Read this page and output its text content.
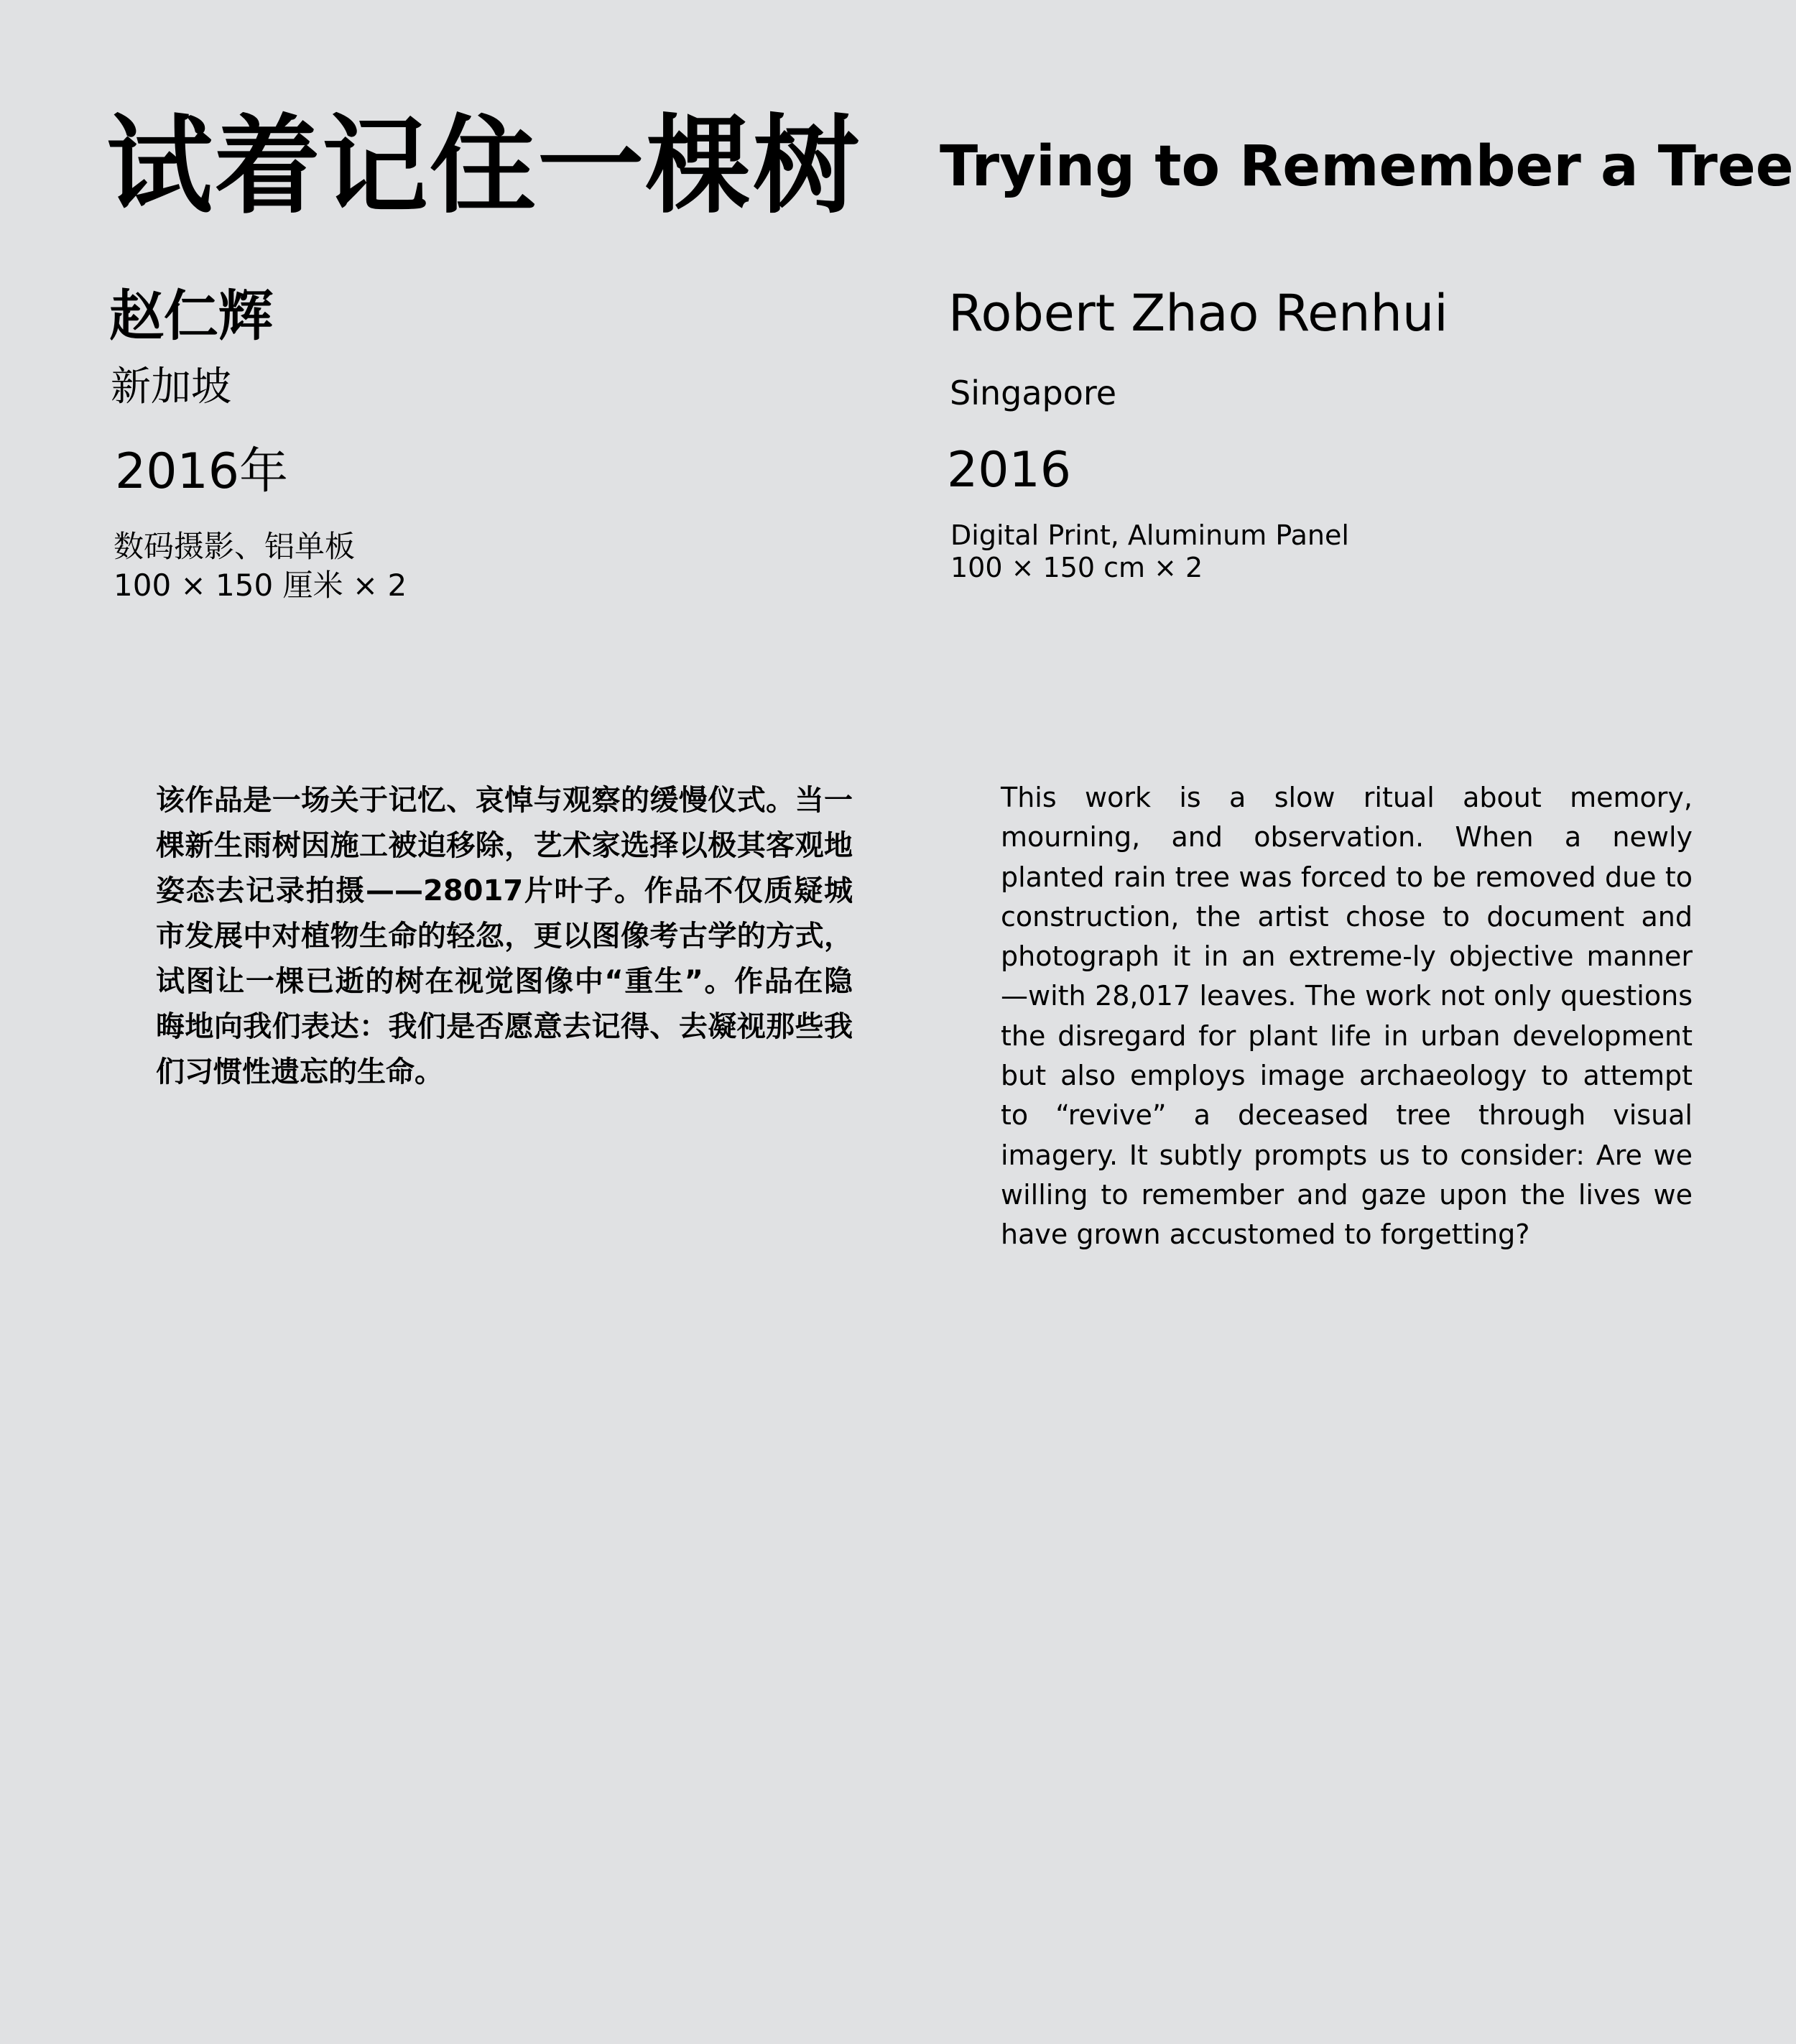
试着记住一棵树
赵仁辉
新加坡
2016年
数码摄影、铝单板
100 × 150 厘米 × 2

该作品是一场关于记忆、哀悼与观察的缓慢仪式。当一棵新生雨树因施工被迫移除，艺术家选择以极其客观地姿态去记录拍摄——28017片叶子。作品不仅质疑城市发展中对植物生命的轻忽，更以图像考古学的方式，试图让一棵已逝的树在视觉图像中“重生”。作品在隐晦地向我们表达：我们是否愿意去记得、去凝视那些我们习惯性遗忘的生命。

Trying to Remember a Tree
Robert Zhao Renhui
Singapore
2016
Digital Print, Aluminum Panel
100 × 150 cm × 2

This work is a slow ritual about memory, mourning, and observation. When a newly planted rain tree was forced to be removed due to construction, the artist chose to document and photograph it in an extreme-ly objective manner—with 28,017 leaves. The work not only questions the disregard for plant life in urban development but also employs image archaeology to attempt to “revive” a deceased tree through visual imagery. It subtly prompts us to consider: Are we willing to remember and gaze upon the lives we have grown accustomed to forgetting?
